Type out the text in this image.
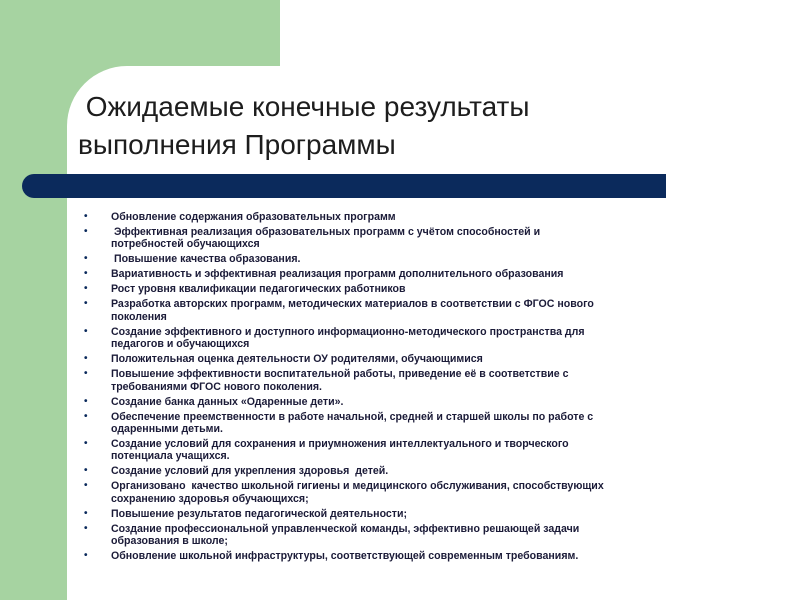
Ожидаемые конечные результаты
выполнения Программы
• Обновление содержания образовательных программ
• Эффективная реализация образовательных программ с учётом способностей и
потребностей обучающихся
• Повышение качества образования.
• Вариативность и эффективная реализация программ дополнительного образования
• Рост уровня квалификации педагогических работников
• Разработка авторских программ, методических материалов в соответствии с ФГОС нового
поколения
• Создание эффективного и доступного информационно-методического пространства для
педагогов и обучающихся
• Положительная оценка деятельности ОУ родителями, обучающимися
• Повышение эффективности воспитательной работы, приведение её в соответствие с
требованиями ФГОС нового поколения.
• Создание банка данных «Одаренные дети».
• Обеспечение преемственности в работе начальной, средней и старшей школы по работе с
одаренными детьми.
• Создание условий для сохранения и приумножения интеллектуального и творческого
потенциала учащихся.
• Создание условий для укрепления здоровья  детей.
• Организовано  качество школьной гигиены и медицинского обслуживания, способствующих
сохранению здоровья обучающихся;
• Повышение результатов педагогической деятельности;
• Создание профессиональной управленческой команды, эффективно решающей задачи
образования в школе;
• Обновление школьной инфраструктуры, соответствующей современным требованиям.
